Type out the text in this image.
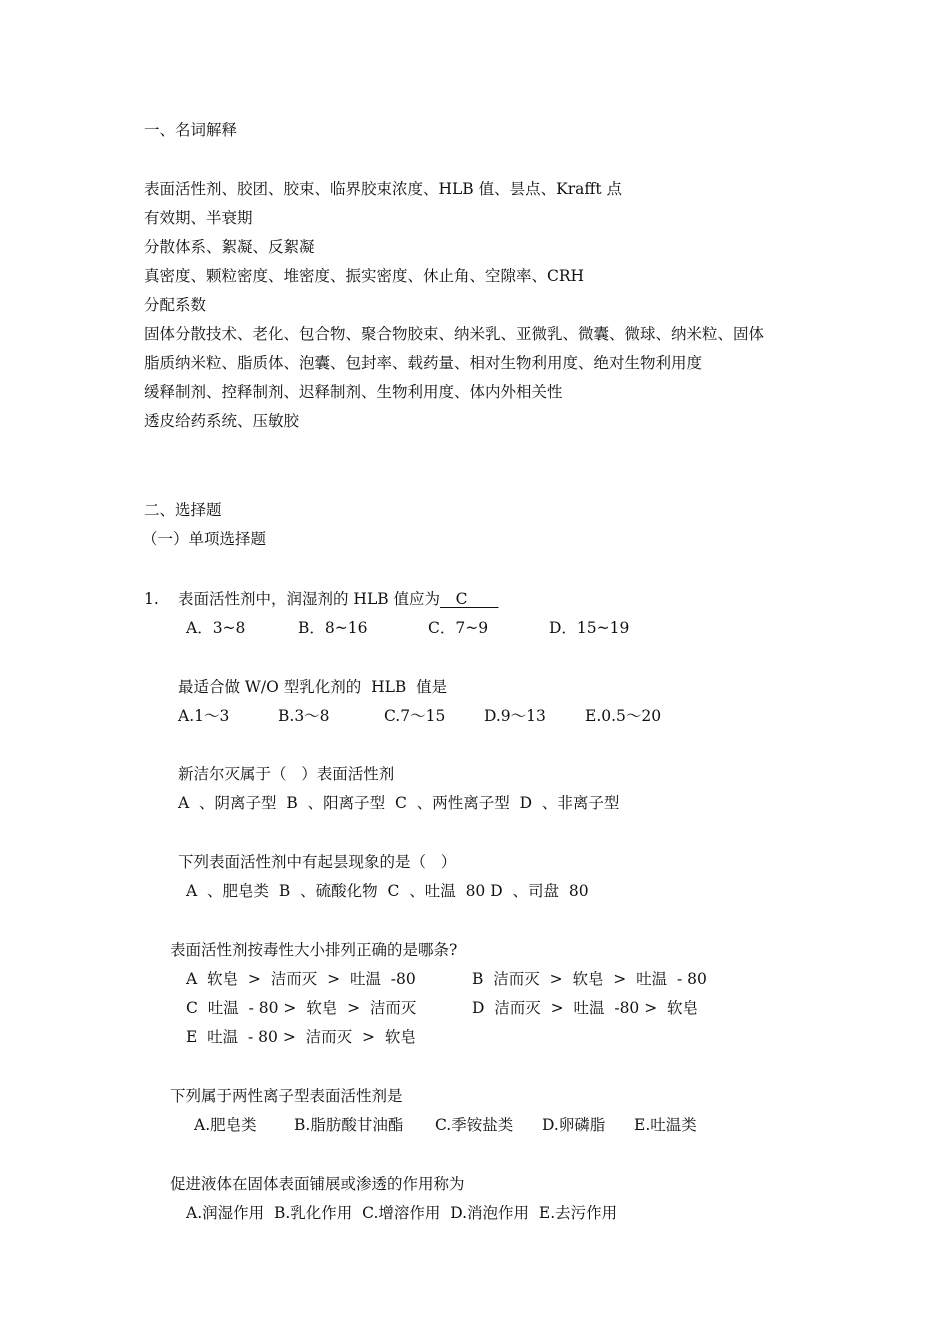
一、名词解释
表面活性剂、胶团、胶束、临界胶束浓度、HLB 值、昙点、Krafft 点
有效期、半衰期
分散体系、絮凝、反絮凝
真密度、颗粒密度、堆密度、振实密度、休止角、空隙率、CRH
分配系数
固体分散技术、老化、包合物、聚合物胶束、纳米乳、亚微乳、微囊、微球、纳米粒、固体
脂质纳米粒、脂质体、泡囊、包封率、载药量、相对生物利用度、绝对生物利用度
缓释制剂、控释制剂、迟释制剂、生物利用度、体内外相关性
透皮给药系统、压敏胶
二、选择题
（一）单项选择题
1. 表面活性剂中，润湿剂的 HLB 值应为__C____
A．3~8	B．8~16	C．7~9	D．15~19
最适合做 W/O 型乳化剂的  HLB  值是
A.1～3	B.3～8	C.7～15 D.9～13	E.0.5～20
新洁尔灭属于（   ）表面活性剂
A  、阴离子型  B  、阳离子型  C  、两性离子型  D  、非离子型
下列表面活性剂中有起昙现象的是（   ）
A  、肥皂类  B  、硫酸化物  C  、吐温  80 D  、司盘  80
表面活性剂按毒性大小排列正确的是哪条?
A  软皂  >  洁而灭  >  吐温  -80	B  洁而灭  >  软皂  >  吐温  - 80
C  吐温  - 80 >  软皂  >  洁而灭	D  洁而灭  >  吐温  -80 >  软皂
E  吐温  - 80 >  洁而灭  >  软皂
下列属于两性离子型表面活性剂是
A.肥皂类 B.脂肪酸甘油酯 C.季铵盐类 D.卵磷脂 E.吐温类
促进液体在固体表面铺展或渗透的作用称为
A.润湿作用  B.乳化作用  C.增溶作用  D.消泡作用  E.去污作用
